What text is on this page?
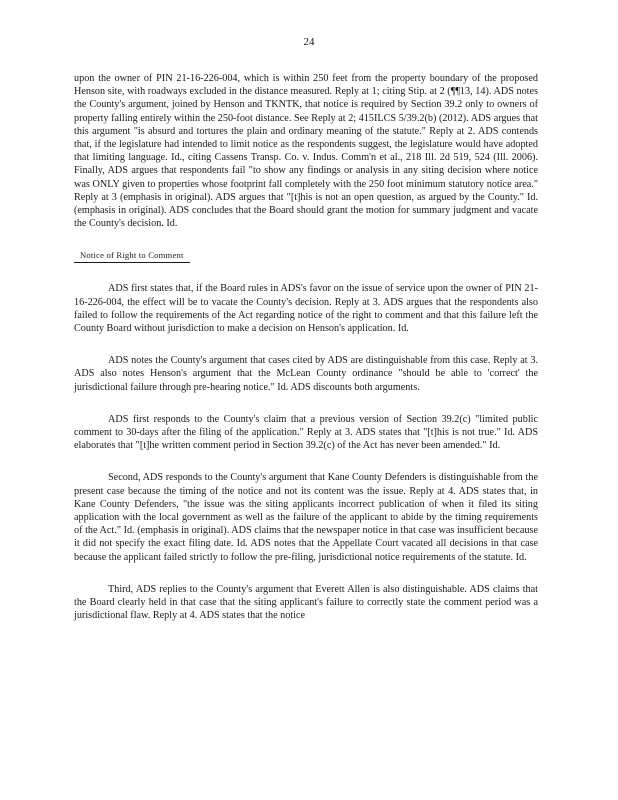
24

upon the owner of PIN 21-16-226-004, which is within 250 feet from the property boundary of the proposed Henson site, with roadways excluded in the distance measured. Reply at 1; citing Stip. at 2 (¶¶13, 14). ADS notes the County's argument, joined by Henson and TKNTK, that notice is required by Section 39.2 only to owners of property falling entirely within the 250-foot distance. See Reply at 2; 415ILCS 5/39.2(b) (2012). ADS argues that this argument "is absurd and tortures the plain and ordinary meaning of the statute." Reply at 2. ADS contends that, if the legislature had intended to limit notice as the respondents suggest, the legislature would have adopted that limiting language. Id., citing Cassens Transp. Co. v. Indus. Comm'n et al., 218 Ill. 2d 519, 524 (Ill. 2006). Finally, ADS argues that respondents fail "to show any findings or analysis in any siting decision where notice was ONLY given to properties whose footprint fall completely with the 250 foot minimum statutory notice area." Reply at 3 (emphasis in original). ADS argues that "[t]his is not an open question, as argued by the County." Id. (emphasis in original). ADS concludes that the Board should grant the motion for summary judgment and vacate the County's decision. Id.

Notice of Right to Comment

ADS first states that, if the Board rules in ADS's favor on the issue of service upon the owner of PIN 21-16-226-004, the effect will be to vacate the County's decision. Reply at 3. ADS argues that the respondents also failed to follow the requirements of the Act regarding notice of the right to comment and that this failure left the County Board without jurisdiction to make a decision on Henson's application. Id.

ADS notes the County's argument that cases cited by ADS are distinguishable from this case. Reply at 3. ADS also notes Henson's argument that the McLean County ordinance "should be able to 'correct' the jurisdictional failure through pre-hearing notice." Id. ADS discounts both arguments.

ADS first responds to the County's claim that a previous version of Section 39.2(c) "limited public comment to 30-days after the filing of the application." Reply at 3. ADS states that "[t]his is not true." Id. ADS elaborates that "[t]he written comment period in Section 39.2(c) of the Act has never been amended." Id.

Second, ADS responds to the County's argument that Kane County Defenders is distinguishable from the present case because the timing of the notice and not its content was the issue. Reply at 4. ADS states that, in Kane County Defenders, "the issue was the siting applicants incorrect publication of when it filed its siting application with the local government as well as the failure of the applicant to abide by the timing requirements of the Act." Id. (emphasis in original). ADS claims that the newspaper notice in that case was insufficient because it did not specify the exact filing date. Id. ADS notes that the Appellate Court vacated all decisions in that case because the applicant failed strictly to follow the pre-filing, jurisdictional notice requirements of the statute. Id.

Third, ADS replies to the County's argument that Everett Allen is also distinguishable. ADS claims that the Board clearly held in that case that the siting applicant's failure to correctly state the comment period was a jurisdictional flaw. Reply at 4. ADS states that the notice
